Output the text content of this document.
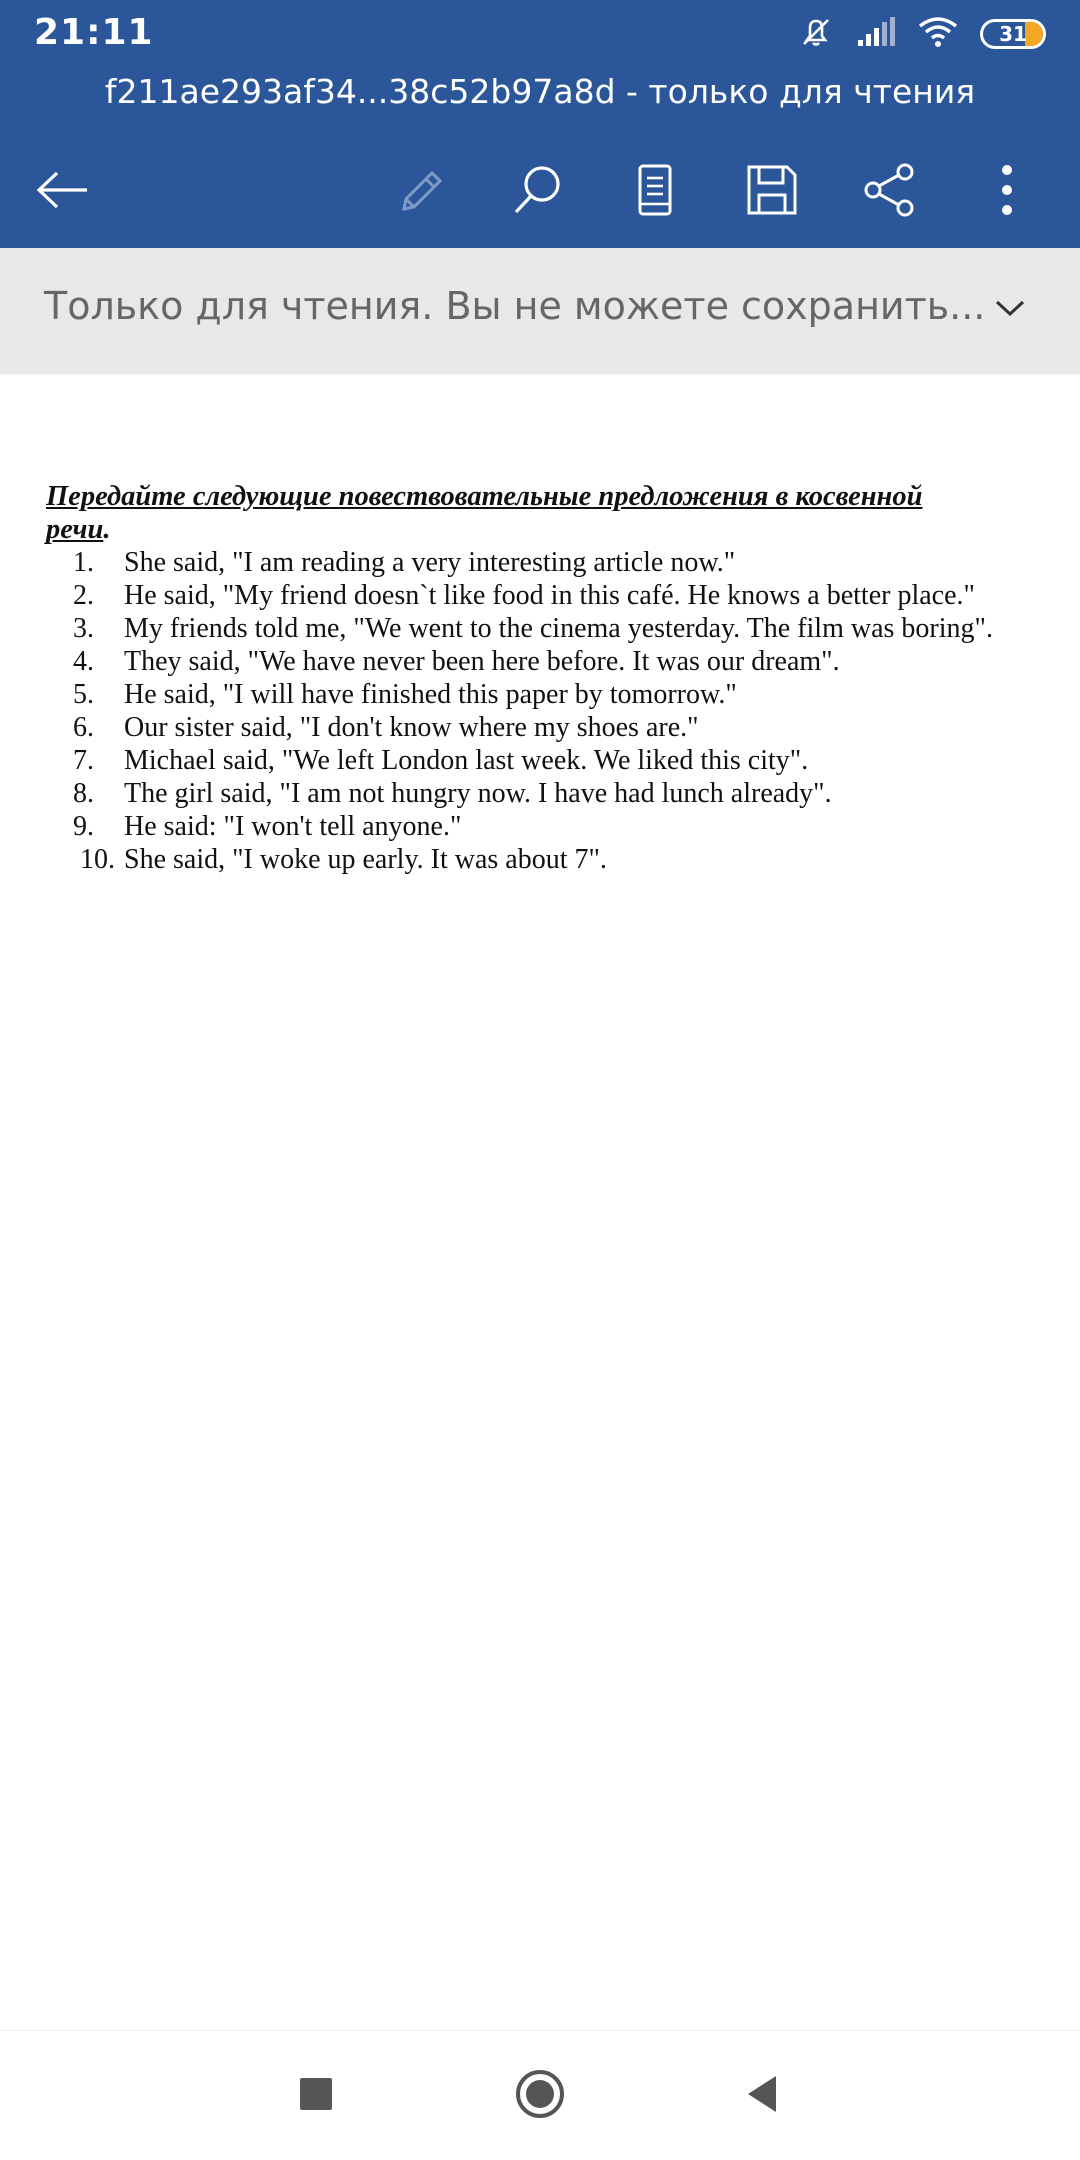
21:11	31
f211ae293af34...38c52b97a8d - только для чтения
Только для чтения. Вы не можете сохранить...
Передайте следующие повествовательные предложения в косвенной
речи.
1.	She said, "I am reading a very interesting article now."
2.	He said, "My friend doesn`t like food in this café. He knows a better place."
3.	My friends told me, "We went to the cinema yesterday. The film was boring".
4.	They said, "We have never been here before. It was our dream".
5.	He said, "I will have finished this paper by tomorrow."
6.	Our sister said, "I don't know where my shoes are."
7.	Michael said, "We left London last week. We liked this city".
8.	The girl said, "I am not hungry now. I have had lunch already".
9.	He said: "I won't tell anyone."
10. She said, "I woke up early. It was about 7".
